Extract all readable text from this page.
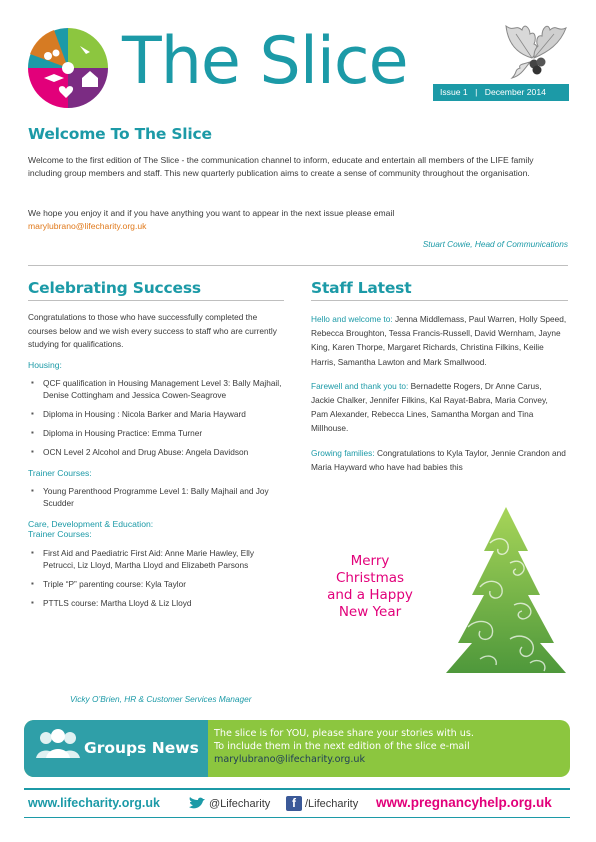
The Slice	Issue 1 | December 2014
Welcome To The Slice
Welcome to the first edition of The Slice - the communication channel to inform, educate and entertain all members of the LIFE family including group members and staff. This new quarterly publication aims to create a sense of community throughout the organisation.
We hope you enjoy it and if you have anything you want to appear in the next issue please email
marylubrano@lifecharity.org.uk
Stuart Cowie, Head of Communications
Celebrating Success
Congratulations to those who have successfully completed the courses below and we wish every success to staff who are currently studying for qualifications.
Housing:
▪ QCF qualification in Housing Management Level 3: Bally Majhail, Denise Cottingham and Jessica Cowen-Seagrove
▪ Diploma in Housing : Nicola Barker and Maria Hayward
▪ Diploma in Housing Practice: Emma Turner
▪ OCN Level 2 Alcohol and Drug Abuse: Angela Davidson
Trainer Courses:
▪ Young Parenthood Programme Level 1: Bally Majhail and Joy Scudder
Care, Development & Education:
Trainer Courses:
▪ First Aid and Paediatric First Aid: Anne Marie Hawley, Elly Petrucci, Liz Lloyd, Martha Lloyd and Elizabeth Parsons
▪ Triple “P” parenting course: Kyla Taylor
▪ PTTLS course: Martha Lloyd & Liz Lloyd
Vicky O’Brien, HR & Customer Services Manager
Staff Latest

Hello and welcome to: Jenna Middlemass, Paul Warren, Holly Speed, Rebecca Broughton, Tessa Francis-Russell, David Wernham, Jayne King, Karen Thorpe, Margaret Richards, Christina Filkins, Keilie Harris, Samantha Lawton and Mark Smallwood.

Farewell and thank you to: Bernadette Rogers, Dr Anne Carus, Jackie Chalker, Jennifer Filkins, Kal Rayat-Babra, Maria Convey, Pam Alexander, Rebecca Lines, Samantha Morgan and Tina Millhouse.

Growing families: Congratulations to Kyla Taylor, Jennie Crandon and Maria Hayward who have had babies this

Merry
Christmas
and a Happy
New Year
Groups News
The slice is for YOU, please share your stories with us.
To include them in the next edition of the slice e-mail
marylubrano@lifecharity.org.uk
www.lifecharity.org.uk	@Lifecharity	f /Lifecharity www.pregnancyhelp.org.uk
